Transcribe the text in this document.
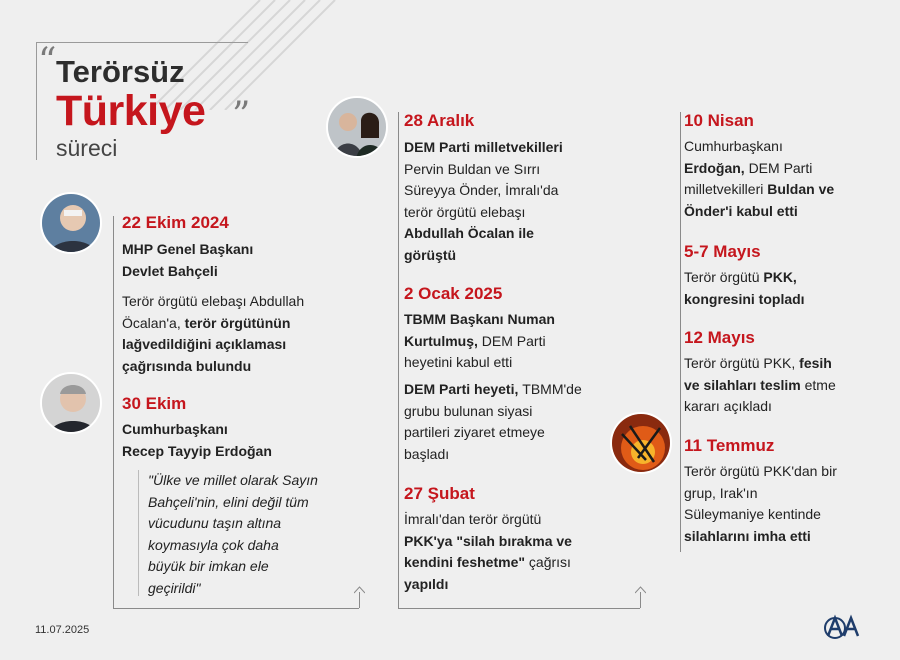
“ Terörsüz
Türkiye ”
süreci
22 Ekim 2024
MHP Genel Başkanı
Devlet Bahçeli
Terör örgütü elebaşı Abdullah
Öcalan'a, terör örgütünün
lağvedildiğini açıklaması
çağrısında bulundu
30 Ekim
Cumhurbaşkanı
Recep Tayyip Erdoğan
"Ülke ve millet olarak Sayın
Bahçeli'nin, elini değil tüm
vücudunu taşın altına
koymasıyla çok daha
büyük bir imkan ele
geçirildi"
28 Aralık
DEM Parti milletvekilleri
Pervin Buldan ve Sırrı
Süreyya Önder, İmralı'da
terör örgütü elebaşı
Abdullah Öcalan ile
görüştü
2 Ocak 2025
TBMM Başkanı Numan
Kurtulmuş, DEM Parti
heyetini kabul etti
DEM Parti heyeti, TBMM'de
grubu bulunan siyasi
partileri ziyaret etmeye
başladı
27 Şubat
İmralı'dan terör örgütü
PKK'ya "silah bırakma ve
kendini feshetme" çağrısı
yapıldı
10 Nisan
Cumhurbaşkanı
Erdoğan, DEM Parti
milletvekilleri Buldan ve
Önder'i kabul etti
5-7 Mayıs
Terör örgütü PKK,
kongresini topladı
12 Mayıs
Terör örgütü PKK, fesih
ve silahları teslim etme
kararı açıkladı
11 Temmuz
Terör örgütü PKK'dan bir
grup, Irak'ın
Süleymaniye kentinde
silahlarını imha etti
11.07.2025
